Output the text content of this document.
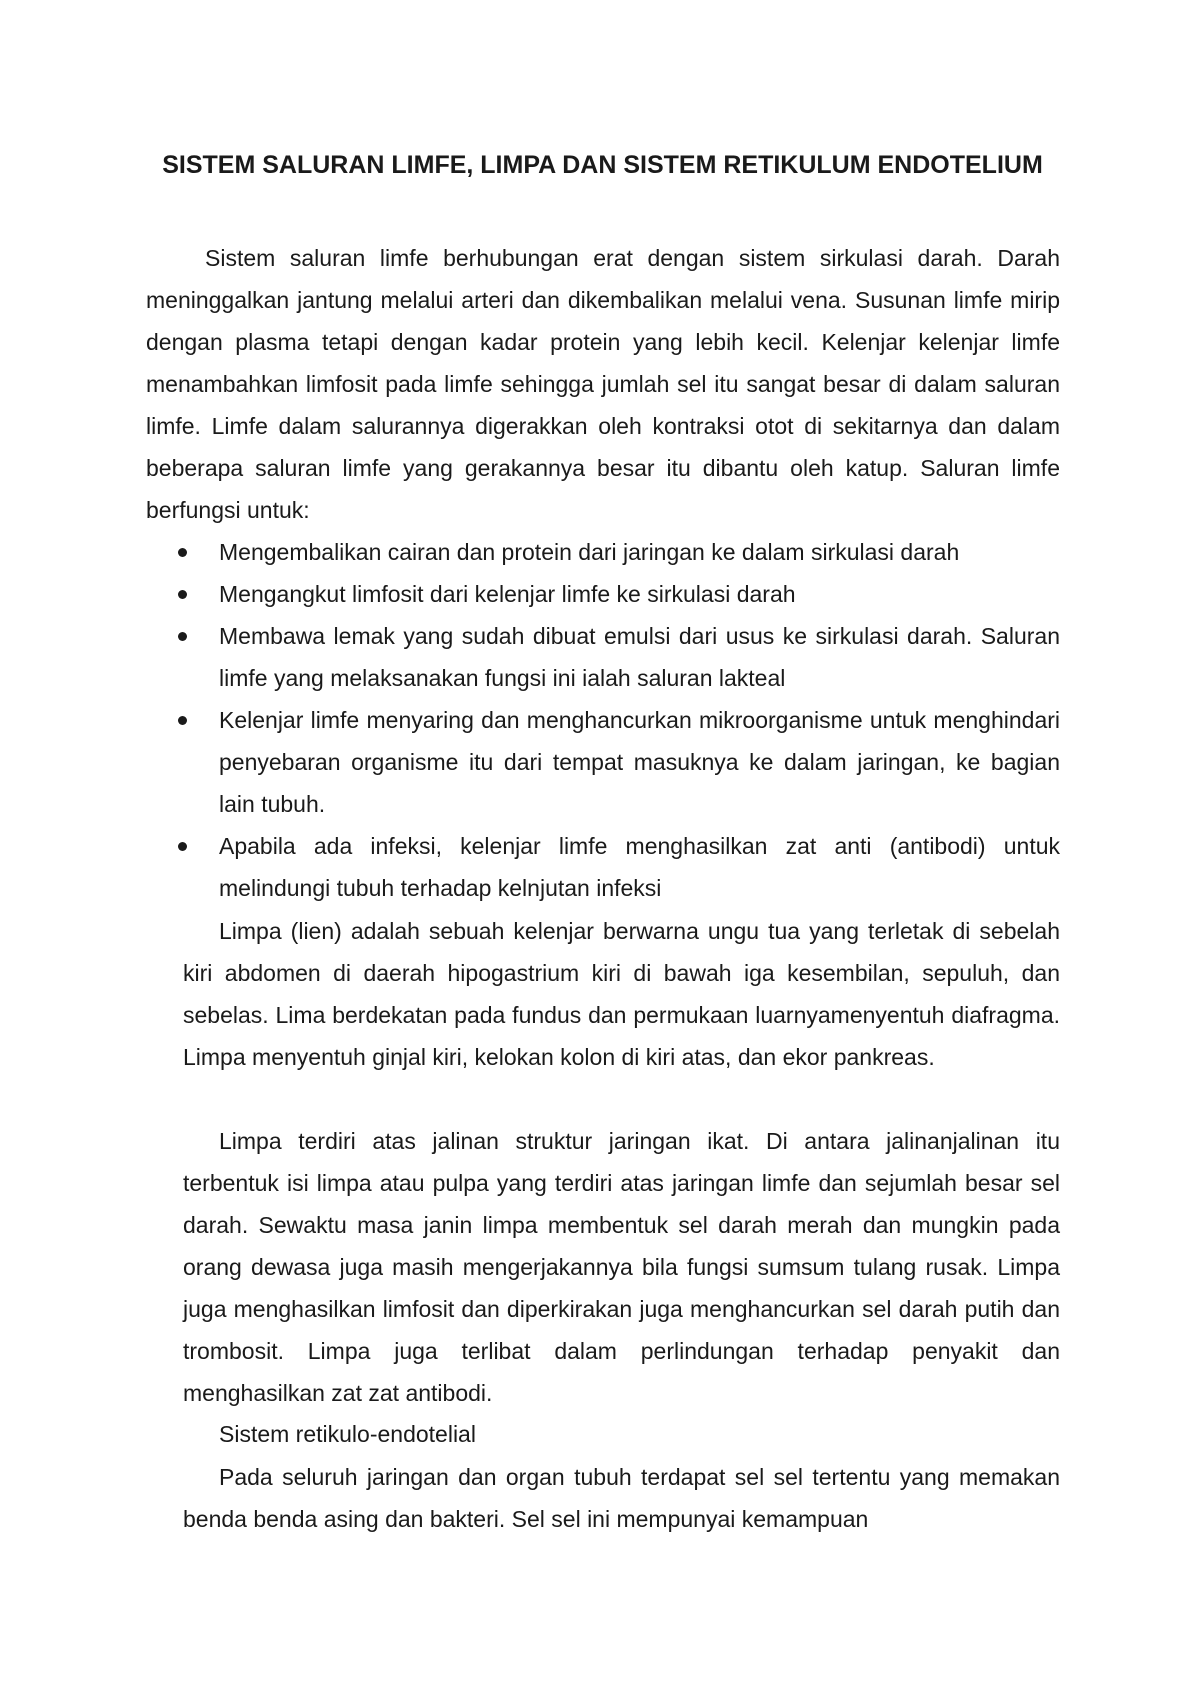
SISTEM SALURAN LIMFE, LIMPA DAN SISTEM RETIKULUM ENDOTELIUM

Sistem saluran limfe berhubungan erat dengan sistem sirkulasi darah. Darah meninggalkan jantung melalui arteri dan dikembalikan melalui vena. Susunan limfe mirip dengan plasma tetapi dengan kadar protein yang lebih kecil. Kelenjar kelenjar limfe menambahkan limfosit pada limfe sehingga jumlah sel itu sangat besar di dalam saluran limfe. Limfe dalam salurannya digerakkan oleh kontraksi otot di sekitarnya dan dalam beberapa saluran limfe yang gerakannya besar itu dibantu oleh katup. Saluran limfe berfungsi untuk:

Mengembalikan cairan dan protein dari jaringan ke dalam sirkulasi darah
Mengangkut limfosit dari kelenjar limfe ke sirkulasi darah
Membawa lemak yang sudah dibuat emulsi dari usus ke sirkulasi darah. Saluran limfe yang melaksanakan fungsi ini ialah saluran lakteal
Kelenjar limfe menyaring dan menghancurkan mikroorganisme untuk menghindari penyebaran organisme itu dari tempat masuknya ke dalam jaringan, ke bagian lain tubuh.
Apabila ada infeksi, kelenjar limfe menghasilkan zat anti (antibodi) untuk melindungi tubuh terhadap kelnjutan infeksi

Limpa (lien) adalah sebuah kelenjar berwarna ungu tua yang terletak di sebelah kiri abdomen di daerah hipogastrium kiri di bawah iga kesembilan, sepuluh, dan sebelas. Lima berdekatan pada fundus dan permukaan luarnyamenyentuh diafragma. Limpa menyentuh ginjal kiri, kelokan kolon di kiri atas, dan ekor pankreas.

Limpa terdiri atas jalinan struktur jaringan ikat. Di antara jalinanjalinan itu terbentuk isi limpa atau pulpa yang terdiri atas jaringan limfe dan sejumlah besar sel darah. Sewaktu masa janin limpa membentuk sel darah merah dan mungkin pada orang dewasa juga masih mengerjakannya bila fungsi sumsum tulang rusak. Limpa juga menghasilkan limfosit dan diperkirakan juga menghancurkan sel darah putih dan trombosit. Limpa juga terlibat dalam perlindungan terhadap penyakit dan menghasilkan zat zat antibodi.

Sistem retikulo-endotelial

Pada seluruh jaringan dan organ tubuh terdapat sel sel tertentu yang memakan benda benda asing dan bakteri. Sel sel ini mempunyai kemampuan
